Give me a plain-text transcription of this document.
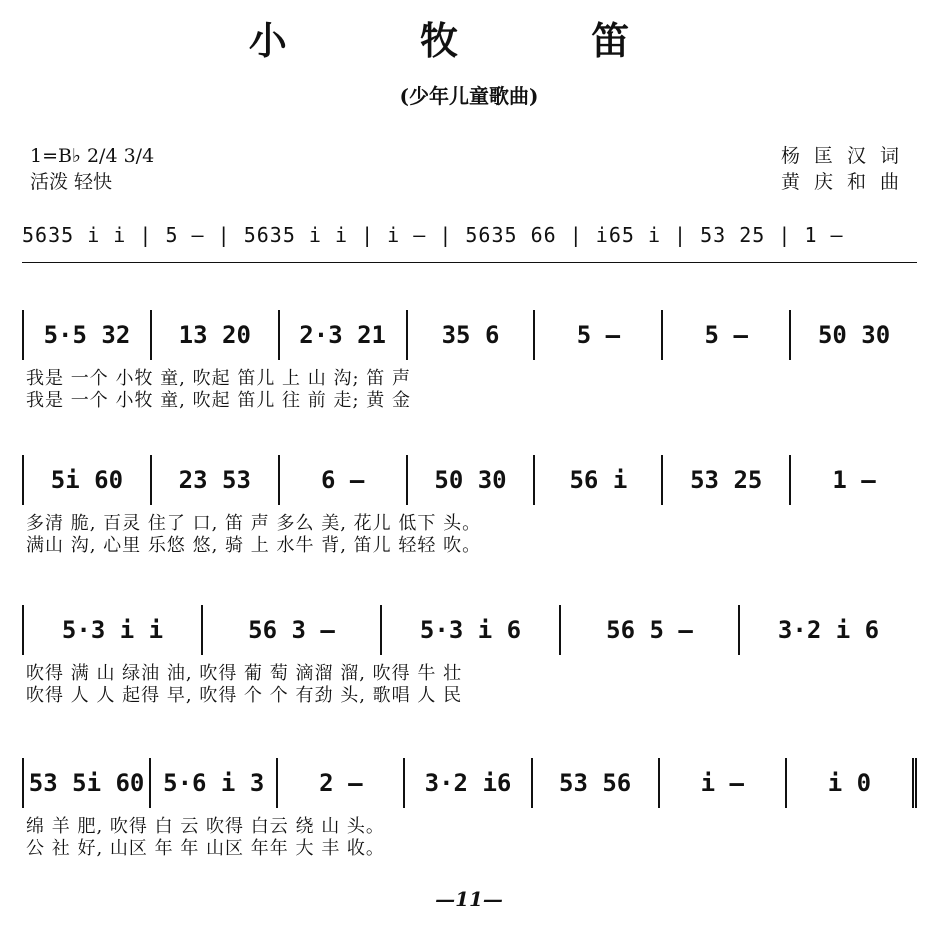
小 牧 笛
(少年儿童歌曲)
1=B♭ 2/4 3/4
活泼 轻快
杨匡汉词
黄庆和曲
5635 i i | 5 — | 5635 i i | i — | 5635 66 | i65 i | 53 25 | 1 —
5·5 32	13 20	2·3 21	35 6	5 —	5 —	50 30
我是 一个 小牧 童, 吹起 笛儿 上 山 沟; 笛 声
我是 一个 小牧 童, 吹起 笛儿 往 前 走; 黄 金
5i 60	23 53	6 —	50 30	56 i	53 25	1 —
多清 脆, 百灵 住了 口, 笛 声 多么 美, 花儿 低下 头。
满山 沟, 心里 乐悠 悠, 骑 上 水牛 背, 笛儿 轻轻 吹。
5·3 i i	56 3 —	5·3 i 6	56 5 —	3·2 i 6
吹得 满 山 绿油 油, 吹得 葡 萄 滴溜 溜, 吹得 牛 壮
吹得 人 人 起得 早, 吹得 个 个 有劲 头, 歌唱 人 民
53 5i 60 5·6 i 3	2 —	3·2 i6	53 56	i —	i 0
绵 羊 肥, 吹得 白 云 吹得 白云 绕 山 头。
公 社 好, 山区 年 年 山区 年年 大 丰 收。
—11—
